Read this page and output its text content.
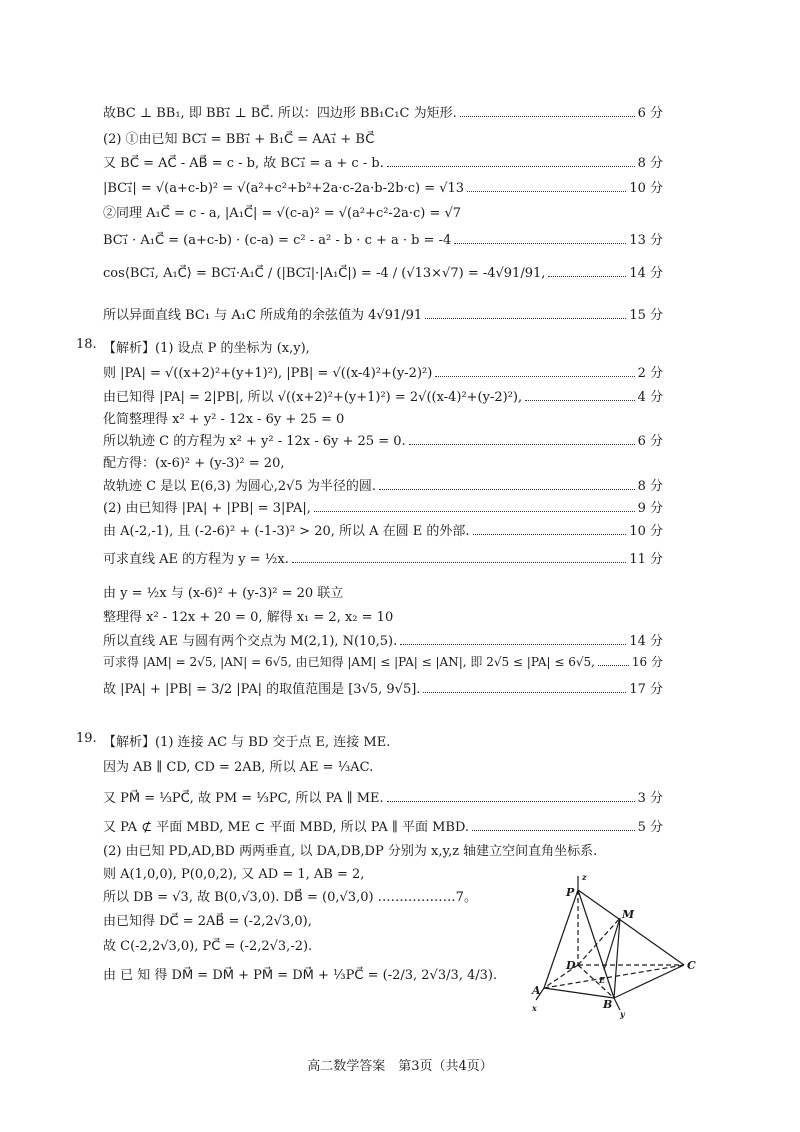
故BC ⊥ BB₁, 即 BB₁⃗ ⊥ BC⃗. 所以：四边形 BB₁C₁C 为矩形.	6 分
(2) ①由已知 BC₁⃗ = BB₁⃗ + B₁C⃗ = AA₁⃗ + BC⃗
又 BC⃗ = AC⃗ - AB⃗ = c - b, 故 BC₁⃗ = a + c - b.	8 分
|BC₁⃗| = √(a+c-b)² = √(a²+c²+b²+2a·c-2a·b-2b·c) = √13	10 分
②同理 A₁C⃗ = c - a, |A₁C⃗| = √(c-a)² = √(a²+c²-2a·c) = √7
BC₁⃗ · A₁C⃗ = (a+c-b) · (c-a) = c² - a² - b · c + a · b = -4	13 分
cos⟨BC₁⃗, A₁C⃗⟩ = BC₁⃗·A₁C⃗ / (|BC₁⃗|·|A₁C⃗|) = -4 / (√13×√7) = -4√91/91,	14 分
所以异面直线 BC₁ 与 A₁C 所成角的余弦值为 4√91/91	15 分
18. 【解析】(1) 设点 P 的坐标为 (x,y),
则 |PA| = √((x+2)²+(y+1)²), |PB| = √((x-4)²+(y-2)²)	2 分
由已知得 |PA| = 2|PB|, 所以 √((x+2)²+(y+1)²) = 2√((x-4)²+(y-2)²),	4 分
化简整理得 x² + y² - 12x - 6y + 25 = 0
所以轨迹 C 的方程为 x² + y² - 12x - 6y + 25 = 0.	6 分
配方得：(x-6)² + (y-3)² = 20,
故轨迹 C 是以 E(6,3) 为圆心,2√5 为半径的圆.	8 分
(2) 由已知得 |PA| + |PB| = 3|PA|,	9 分
由 A(-2,-1), 且 (-2-6)² + (-1-3)² > 20, 所以 A 在圆 E 的外部.	10 分
可求直线 AE 的方程为 y = ½x.	11 分
由 y = ½x 与 (x-6)² + (y-3)² = 20 联立
整理得 x² - 12x + 20 = 0, 解得 x₁ = 2, x₂ = 10
所以直线 AE 与圆有两个交点为 M(2,1), N(10,5).	14 分
可求得 |AM| = 2√5, |AN| = 6√5, 由已知得 |AM| ≤ |PA| ≤ |AN|, 即 2√5 ≤ |PA| ≤ 6√5,	16 分
故 |PA| + |PB| = 3/2 |PA| 的取值范围是 [3√5, 9√5].	17 分
19. 【解析】(1) 连接 AC 与 BD 交于点 E, 连接 ME.
因为 AB ∥ CD, CD = 2AB, 所以 AE = ⅓AC.
又 PM⃗ = ⅓PC⃗, 故 PM = ⅓PC, 所以 PA ∥ ME.	3 分
又 PA ⊄ 平面 MBD, ME ⊂ 平面 MBD, 所以 PA ∥ 平面 MBD.	5 分
(2) 由已知 PD,AD,BD 两两垂直, 以 DA,DB,DP 分别为 x,y,z 轴建立空间直角坐标系.
则 A(1,0,0), P(0,0,2), 又 AD = 1, AB = 2,
所以 DB = √3, 故 B(0,√3,0). DB⃗ = (0,√3,0) ………………7。
由已知得 DC⃗ = 2AB⃗ = (-2,2√3,0),
故 C(-2,2√3,0), PC⃗ = (-2,2√3,-2).
由 已 知 得 DM⃗ = DM⃗ + PM⃗ = DM⃗ + ⅓PC⃗ = (-2/3, 2√3/3, 4/3).
P
z
M
D	C
A
E
B
x
y
高二数学答案　第3页（共4页）
